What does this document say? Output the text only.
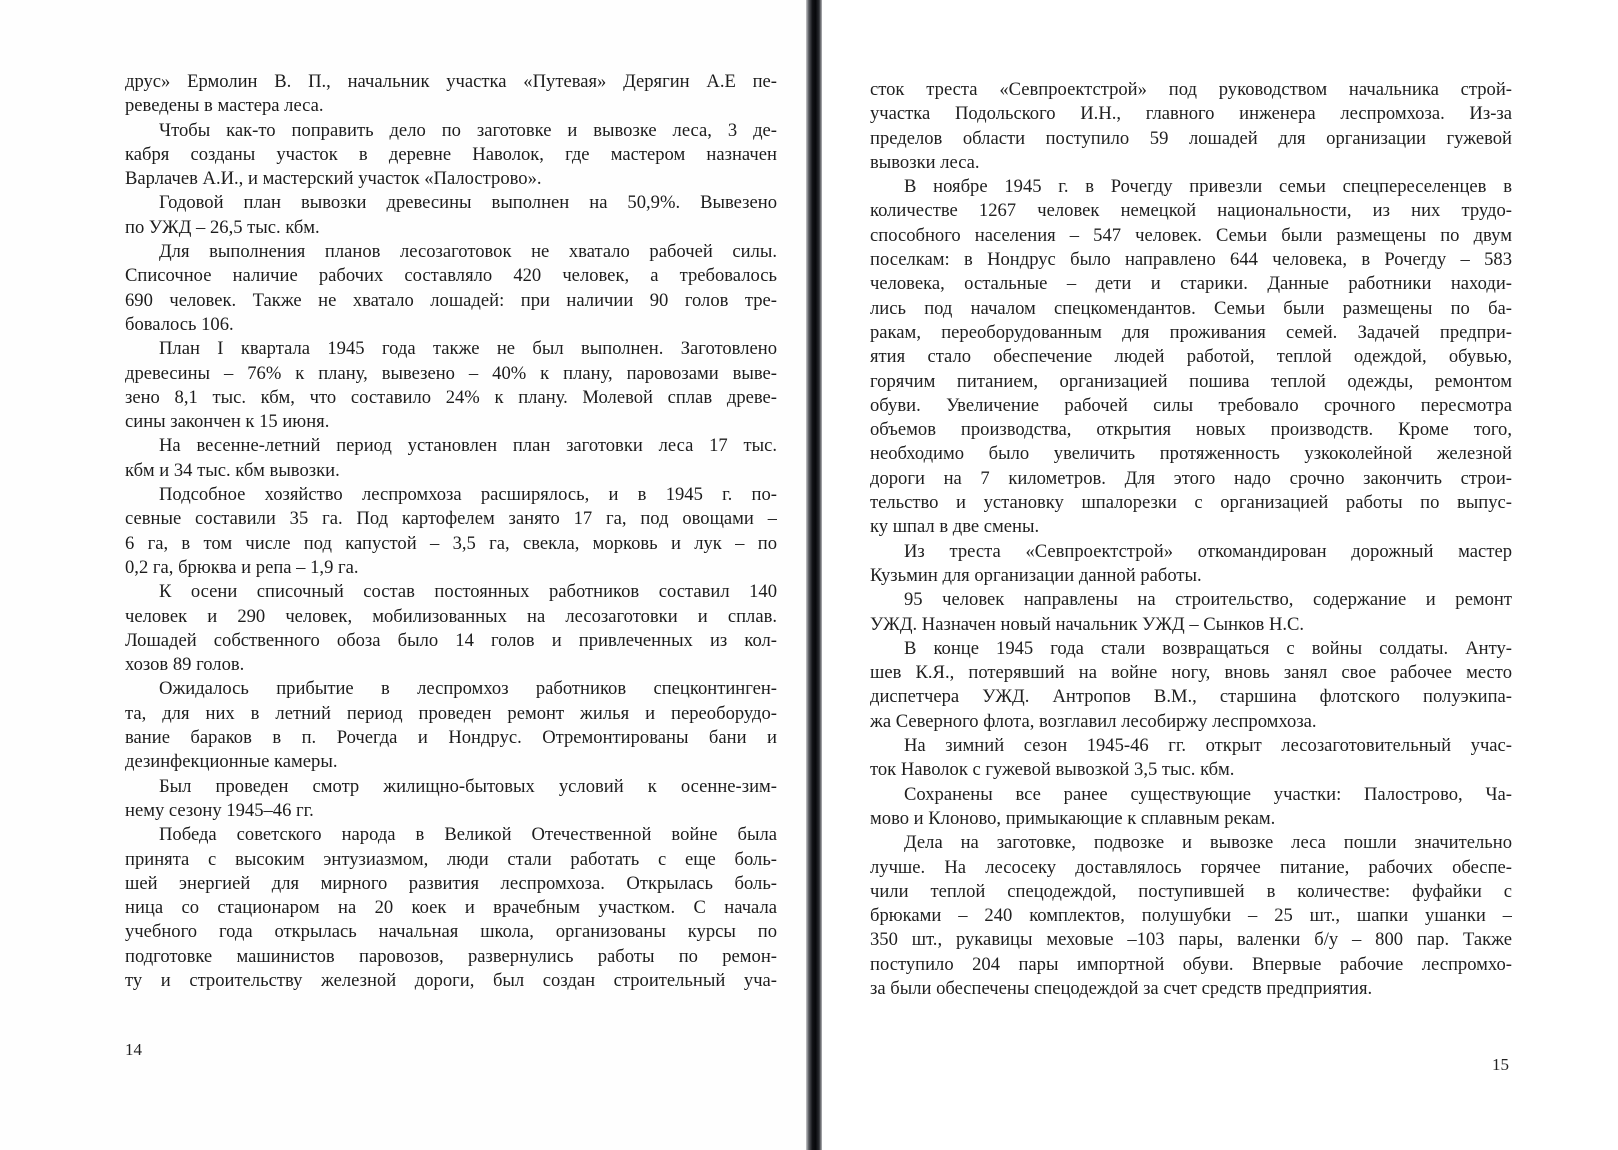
друс» Ермолин В. П., начальник участка «Путевая» Дерягин А.Е пе-
реведены в мастера леса.
Чтобы как-то поправить дело по заготовке и вывозке леса, 3 де-
кабря созданы участок в деревне Наволок, где мастером назначен
Варлачев А.И., и мастерский участок «Палострово».
Годовой план вывозки древесины выполнен на 50,9%. Вывезено
по УЖД – 26,5 тыс. кбм.
Для выполнения планов лесозаготовок не хватало рабочей силы.
Списочное наличие рабочих составляло 420 человек, а требовалось
690 человек. Также не хватало лошадей: при наличии 90 голов тре-
бовалось 106.
План I квартала 1945 года также не был выполнен. Заготовлено
древесины – 76% к плану, вывезено – 40% к плану, паровозами выве-
зено 8,1 тыс. кбм, что составило 24% к плану. Молевой сплав древе-
сины закончен к 15 июня.
На весенне-летний период установлен план заготовки леса 17 тыс.
кбм и 34 тыс. кбм вывозки.
Подсобное хозяйство леспромхоза расширялось, и в 1945 г. по-
севные составили 35 га. Под картофелем занято 17 га, под овощами –
6 га, в том числе под капустой – 3,5 га, свекла, морковь и лук – по
0,2 га, брюква и репа – 1,9 га.
К осени списочный состав постоянных работников составил 140
человек и 290 человек, мобилизованных на лесозаготовки и сплав.
Лошадей собственного обоза было 14 голов и привлеченных из кол-
хозов 89 голов.
Ожидалось прибытие в леспромхоз работников спецконтинген-
та, для них в летний период проведен ремонт жилья и переоборудо-
вание бараков в п. Рочегда и Нондрус. Отремонтированы бани и
дезинфекционные камеры.
Был проведен смотр жилищно-бытовых условий к осенне-зим-
нему сезону 1945–46 гг.
Победа советского народа в Великой Отечественной войне была
принята с высоким энтузиазмом, люди стали работать с еще боль-
шей энергией для мирного развития леспромхоза. Открылась боль-
ница со стационаром на 20 коек и врачебным участком. С начала
учебного года открылась начальная школа, организованы курсы по
подготовке машинистов паровозов, развернулись работы по ремон-
ту и строительству железной дороги, был создан строительный уча-
14
сток треста «Севпроектстрой» под руководством начальника строй-
участка Подольского И.Н., главного инженера леспромхоза. Из-за
пределов области поступило 59 лошадей для организации гужевой
вывозки леса.
В ноябре 1945 г. в Рочегду привезли семьи спецпереселенцев в
количестве 1267 человек немецкой национальности, из них трудо-
способного населения – 547 человек. Семьи были размещены по двум
поселкам: в Нондрус было направлено 644 человека, в Рочегду – 583
человека, остальные – дети и старики. Данные работники находи-
лись под началом спецкомендантов. Семьи были размещены по ба-
ракам, переоборудованным для проживания семей. Задачей предпри-
ятия стало обеспечение людей работой, теплой одеждой, обувью,
горячим питанием, организацией пошива теплой одежды, ремонтом
обуви. Увеличение рабочей силы требовало срочного пересмотра
объемов производства, открытия новых производств. Кроме того,
необходимо было увеличить протяженность узкоколейной железной
дороги на 7 километров. Для этого надо срочно закончить строи-
тельство и установку шпалорезки с организацией работы по выпус-
ку шпал в две смены.
Из треста «Севпроектстрой» откомандирован дорожный мастер
Кузьмин для организации данной работы.
95 человек направлены на строительство, содержание и ремонт
УЖД. Назначен новый начальник УЖД – Сынков Н.С.
В конце 1945 года стали возвращаться с войны солдаты. Анту-
шев К.Я., потерявший на войне ногу, вновь занял свое рабочее место
диспетчера УЖД. Антропов В.М., старшина флотского полуэкипа-
жа Северного флота, возглавил лесобиржу леспромхоза.
На зимний сезон 1945-46 гг. открыт лесозаготовительный учас-
ток Наволок с гужевой вывозкой 3,5 тыс. кбм.
Сохранены все ранее существующие участки: Палострово, Ча-
мово и Клоново, примыкающие к сплавным рекам.
Дела на заготовке, подвозке и вывозке леса пошли значительно
лучше. На лесосеку доставлялось горячее питание, рабочих обеспе-
чили теплой спецодеждой, поступившей в количестве: фуфайки с
брюками – 240 комплектов, полушубки – 25 шт., шапки ушанки –
350 шт., рукавицы меховые –103 пары, валенки б/у – 800 пар. Также
поступило 204 пары импортной обуви. Впервые рабочие леспромхо-
за были обеспечены спецодеждой за счет средств предприятия.
15
